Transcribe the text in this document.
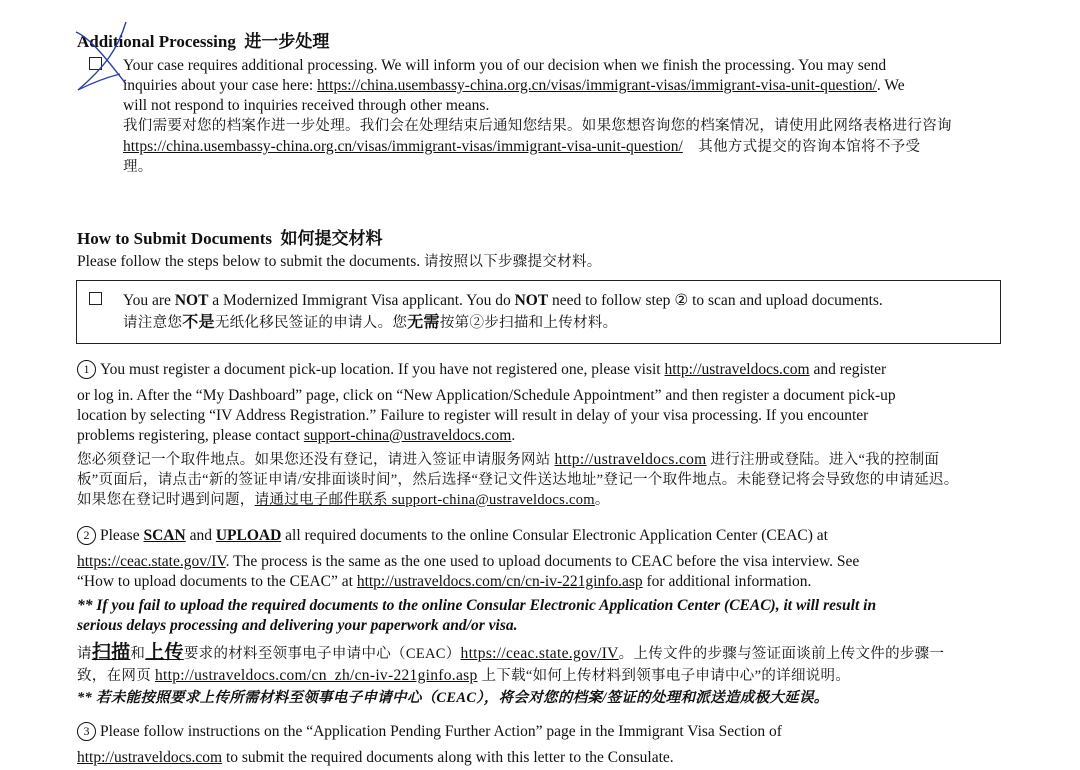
Additional Processing 进一步处理
Your case requires additional processing. We will inform you of our decision when we finish the processing. You may send
inquiries about your case here: https://china.usembassy-china.org.cn/visas/immigrant-visas/immigrant-visa-unit-question/. We
will not respond to inquiries received through other means.
我们需要对您的档案作进一步处理。我们会在处理结束后通知您结果。如果您想咨询您的档案情况，请使用此网络表格进行咨询
https://china.usembassy-china.org.cn/visas/immigrant-visas/immigrant-visa-unit-question/ 其他方式提交的咨询本馆将不予受
理。
How to Submit Documents 如何提交材料
Please follow the steps below to submit the documents. 请按照以下步骤提交材料。
You are NOT a Modernized Immigrant Visa applicant. You do NOT need to follow step ② to scan and upload documents.
请注意您不是无纸化移民签证的申请人。您无需按第②步扫描和上传材料。
1 You must register a document pick-up location. If you have not registered one, please visit http://ustraveldocs.com and register
or log in. After the “My Dashboard” page, click on “New Application/Schedule Appointment” and then register a document pick-up
location by selecting “IV Address Registration.” Failure to register will result in delay of your visa processing. If you encounter
problems registering, please contact support-china@ustraveldocs.com.
您必须登记一个取件地点。如果您还没有登记，请进入签证申请服务网站 http://ustraveldocs.com 进行注册或登陆。进入“我的控制面
板”页面后，请点击“新的签证申请/安排面谈时间”，然后选择“登记文件送达地址”登记一个取件地点。未能登记将会导致您的申请延迟。
如果您在登记时遇到问题，请通过电子邮件联系 support-china@ustraveldocs.com。
2 Please SCAN and UPLOAD all required documents to the online Consular Electronic Application Center (CEAC) at
https://ceac.state.gov/IV. The process is the same as the one used to upload documents to CEAC before the visa interview. See
“How to upload documents to the CEAC” at http://ustraveldocs.com/cn/cn-iv-221ginfo.asp for additional information.
** If you fail to upload the required documents to the online Consular Electronic Application Center (CEAC), it will result in
serious delays processing and delivering your paperwork and/or visa.
请扫描和上传要求的材料至领事电子申请中心（CEAC）https://ceac.state.gov/IV。上传文件的步骤与签证面谈前上传文件的步骤一
致，在网页 http://ustraveldocs.com/cn_zh/cn-iv-221ginfo.asp 上下载“如何上传材料到领事电子申请中心”的详细说明。
** 若未能按照要求上传所需材料至领事电子申请中心（CEAC），将会对您的档案/签证的处理和派送造成极大延误。
3 Please follow instructions on the “Application Pending Further Action” page in the Immigrant Visa Section of
http://ustraveldocs.com to submit the required documents along with this letter to the Consulate.
